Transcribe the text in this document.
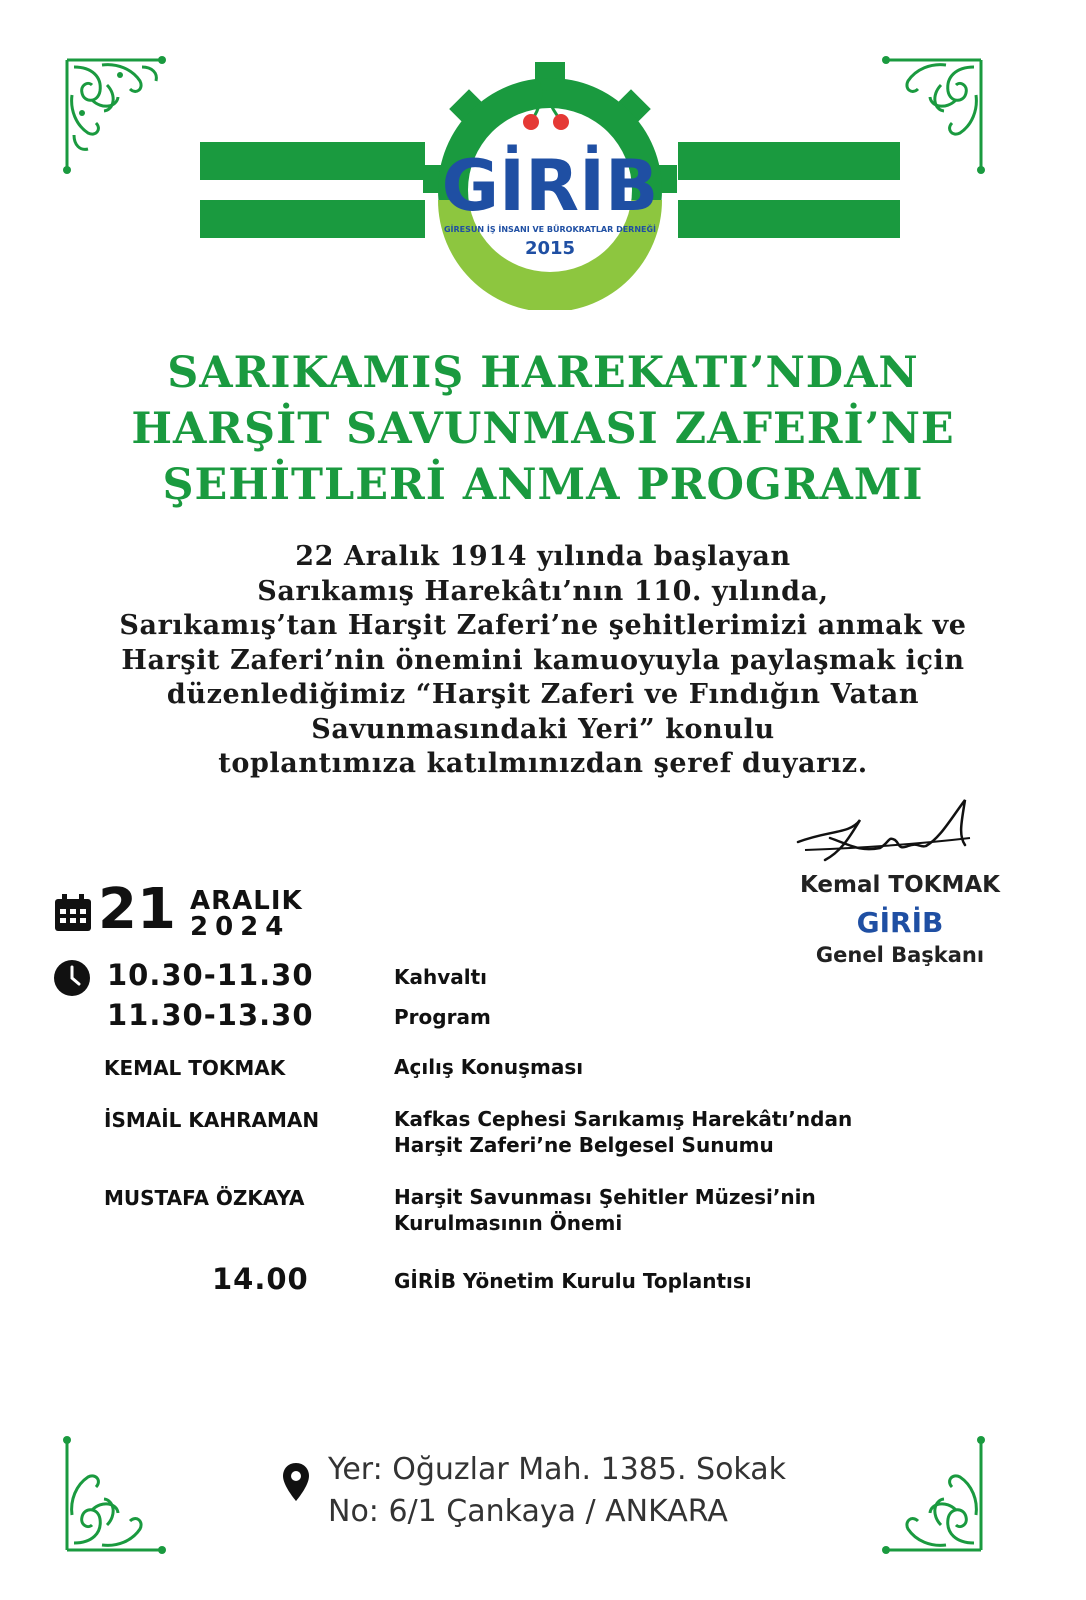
GİRİB
GİRESUN İŞ İNSANI VE BÜROKRATLAR DERNEĞİ
2015
SARIKAMIŞ HAREKATI’NDAN
HARŞİT SAVUNMASI ZAFERİ’NE
ŞEHİTLERİ ANMA PROGRAMI
22 Aralık 1914 yılında başlayan
Sarıkamış Harekâtı’nın 110. yılında,
Sarıkamış’tan Harşit Zaferi’ne şehitlerimizi anmak ve
Harşit Zaferi’nin önemini kamuoyuyla paylaşmak için
düzenlediğimiz “Harşit Zaferi ve Fındığın Vatan
Savunmasındaki Yeri” konulu
toplantımıza katılmınızdan şeref duyarız.
Kemal TOKMAK
GİRİB
Genel Başkanı
21 ARALIK
2024
10.30-11.30	Kahvaltı
11.30-13.30	Program
KEMAL TOKMAK	Açılış Konuşması
İSMAİL KAHRAMAN	Kafkas Cephesi Sarıkamış Harekâtı’ndan
Harşit Zaferi’ne Belgesel Sunumu
MUSTAFA ÖZKAYA	Harşit Savunması Şehitler Müzesi’nin
Kurulmasının Önemi
14.00	GİRİB Yönetim Kurulu Toplantısı
Yer: Oğuzlar Mah. 1385. Sokak
No: 6/1 Çankaya / ANKARA
